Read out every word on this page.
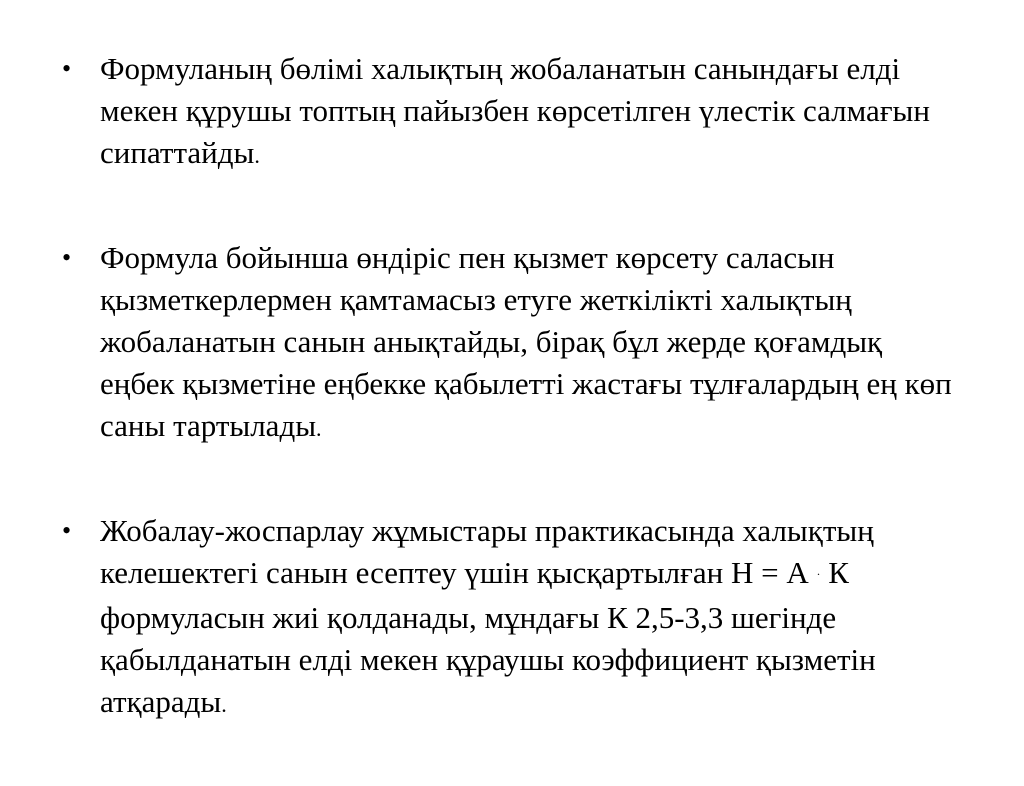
• Формуланың бөлімі халықтың жобаланатын санындағы елді мекен құрушы топтың пайызбен көрсетілген үлестік салмағын сипаттайды.
• Формула бойынша өндіріс пен қызмет көрсету саласын қызметкерлермен қамтамасыз етуге жеткілікті халықтың жобаланатын санын анықтайды, бірақ бұл жерде қоғамдық еңбек қызметіне еңбекке қабылетті жастағы тұлғалардың ең көп саны тартылады.
• Жобалау-жоспарлау жұмыстары практикасында халықтың келешектегі санын есептеу үшін қысқартылған Н = А · К формуласын жиі қолданады, мұндағы К 2,5-3,3 шегінде қабылданатын елді мекен құраушы коэффициент қызметін атқарады.
